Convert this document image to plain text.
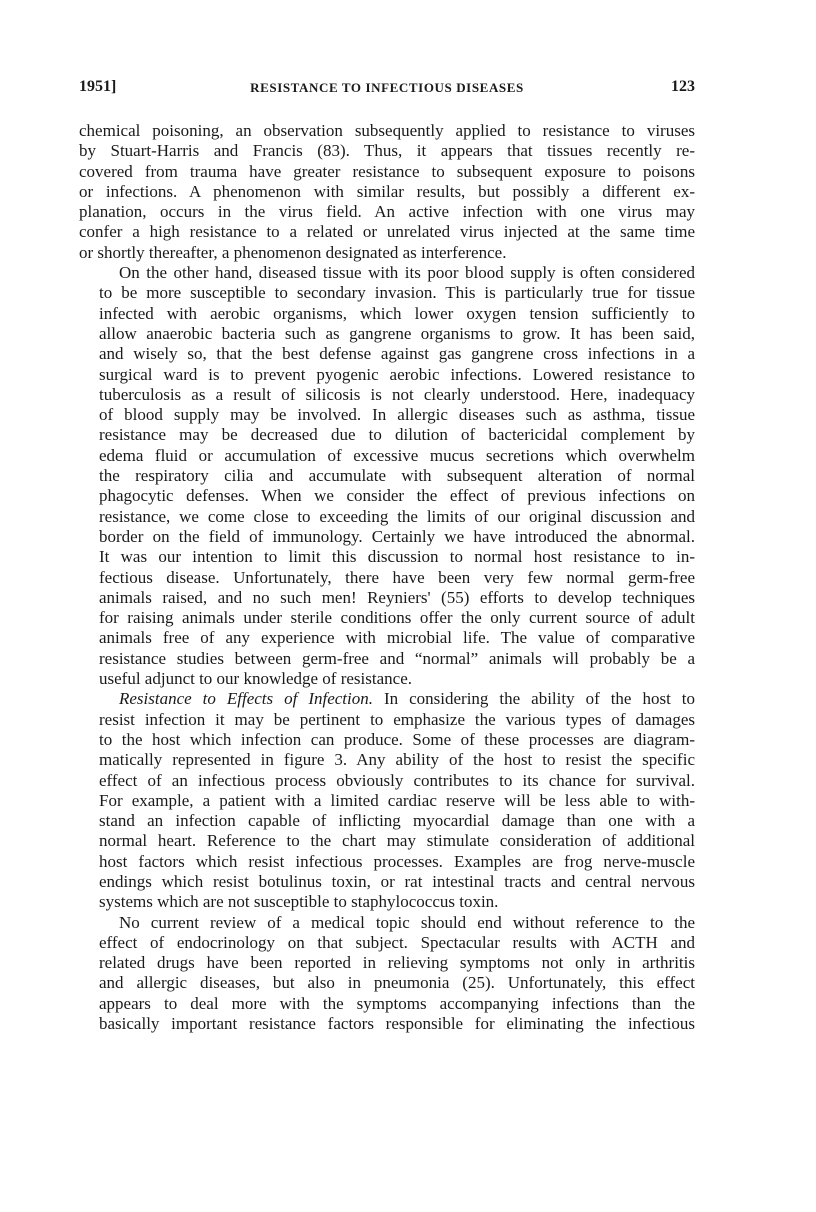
1951]	RESISTANCE TO INFECTIOUS DISEASES	123
chemical poisoning, an observation subsequently applied to resistance to viruses
by Stuart-Harris and Francis (83). Thus, it appears that tissues recently re-
covered from trauma have greater resistance to subsequent exposure to poisons
or infections. A phenomenon with similar results, but possibly a different ex-
planation, occurs in the virus field. An active infection with one virus may
confer a high resistance to a related or unrelated virus injected at the same time
or shortly thereafter, a phenomenon designated as interference.
On the other hand, diseased tissue with its poor blood supply is often considered
to be more susceptible to secondary invasion. This is particularly true for tissue
infected with aerobic organisms, which lower oxygen tension sufficiently to
allow anaerobic bacteria such as gangrene organisms to grow. It has been said,
and wisely so, that the best defense against gas gangrene cross infections in a
surgical ward is to prevent pyogenic aerobic infections. Lowered resistance to
tuberculosis as a result of silicosis is not clearly understood. Here, inadequacy
of blood supply may be involved. In allergic diseases such as asthma, tissue
resistance may be decreased due to dilution of bactericidal complement by
edema fluid or accumulation of excessive mucus secretions which overwhelm
the respiratory cilia and accumulate with subsequent alteration of normal
phagocytic defenses. When we consider the effect of previous infections on
resistance, we come close to exceeding the limits of our original discussion and
border on the field of immunology. Certainly we have introduced the abnormal.
It was our intention to limit this discussion to normal host resistance to in-
fectious disease. Unfortunately, there have been very few normal germ-free
animals raised, and no such men! Reyniers' (55) efforts to develop techniques
for raising animals under sterile conditions offer the only current source of adult
animals free of any experience with microbial life. The value of comparative
resistance studies between germ-free and “normal” animals will probably be a
useful adjunct to our knowledge of resistance.
Resistance to Effects of Infection. In considering the ability of the host to
resist infection it may be pertinent to emphasize the various types of damages
to the host which infection can produce. Some of these processes are diagram-
matically represented in figure 3. Any ability of the host to resist the specific
effect of an infectious process obviously contributes to its chance for survival.
For example, a patient with a limited cardiac reserve will be less able to with-
stand an infection capable of inflicting myocardial damage than one with a
normal heart. Reference to the chart may stimulate consideration of additional
host factors which resist infectious processes. Examples are frog nerve-muscle
endings which resist botulinus toxin, or rat intestinal tracts and central nervous
systems which are not susceptible to staphylococcus toxin.
No current review of a medical topic should end without reference to the
effect of endocrinology on that subject. Spectacular results with ACTH and
related drugs have been reported in relieving symptoms not only in arthritis
and allergic diseases, but also in pneumonia (25). Unfortunately, this effect
appears to deal more with the symptoms accompanying infections than the
basically important resistance factors responsible for eliminating the infectious
